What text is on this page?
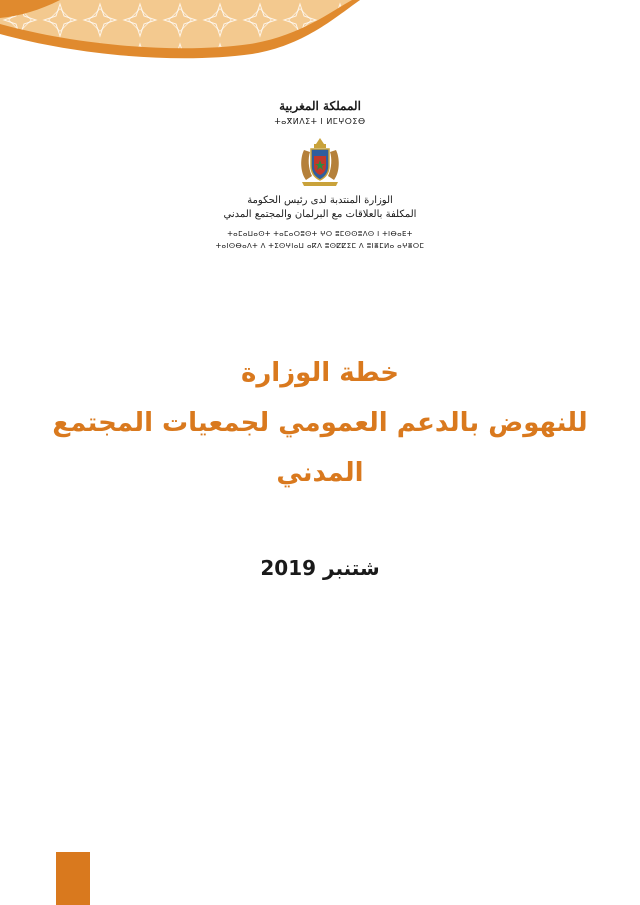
المملكة المغربية
ⵜⴰⴳⵍⴷⵉⵜ ⵏ ⵍⵎⵖⵔⵉⴱ
الوزارة المنتدبة لدى رئيس الحكومة
المكلفة بالعلاقات مع البرلمان والمجتمع المدني
ⵜⴰⵎⴰⵡⴰⵙⵜ ⵜⴰⵎⴰⵔⵓⵙⵜ ⵖⵔ ⵓⵎⵙⵙⵓⴷⵙ ⵏ ⵜⵏⴱⴰⴹⵜ
ⵜⴰⵏⵙⴱⴰⴷⵜ ⴷ ⵜⵉⵙⵖⵏⴰⵡ ⴰⴽⴷ ⵓⵙⵇⵇⵉⵎ ⴷ ⵓⵏⴻⵎⵍⴰ ⴰⵖⴻⵔⵎ
خطة الوزارة
للنهوض بالدعم العمومي لجمعيات المجتمع
المدني
شتنبر 2019
